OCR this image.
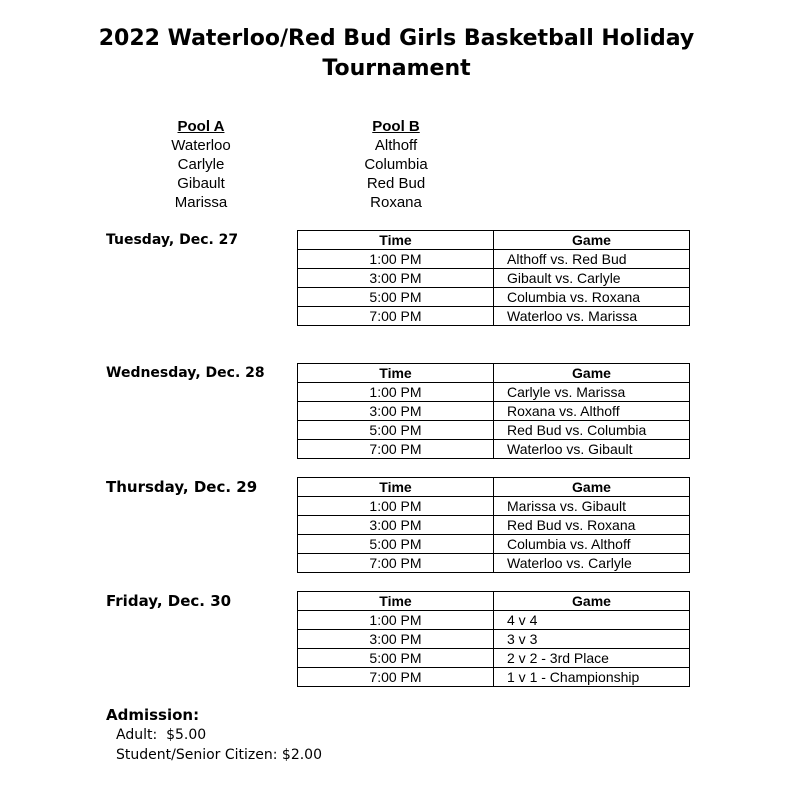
2022 Waterloo/Red Bud Girls Basketball Holiday
Tournament
Pool A
Waterloo
Carlyle
Gibault
Marissa
Pool B
Althoff
Columbia
Red Bud
Roxana
Tuesday, Dec. 27	Time	Game
1:00 PM	Althoff vs. Red Bud
3:00 PM	Gibault vs. Carlyle
5:00 PM	Columbia vs. Roxana
7:00 PM	Waterloo vs. Marissa
Wednesday, Dec. 28	Time	Game
1:00 PM	Carlyle vs. Marissa
3:00 PM	Roxana vs. Althoff
5:00 PM	Red Bud vs. Columbia
7:00 PM	Waterloo vs. Gibault
Thursday, Dec. 29	Time	Game
1:00 PM	Marissa vs. Gibault
3:00 PM	Red Bud vs. Roxana
5:00 PM	Columbia vs. Althoff
7:00 PM	Waterloo vs. Carlyle
Friday, Dec. 30	Time	Game
1:00 PM	4 v 4
3:00 PM	3 v 3
5:00 PM	2 v 2 - 3rd Place
7:00 PM	1 v 1 - Championship
Admission:
Adult:  $5.00
Student/Senior Citizen: $2.00
